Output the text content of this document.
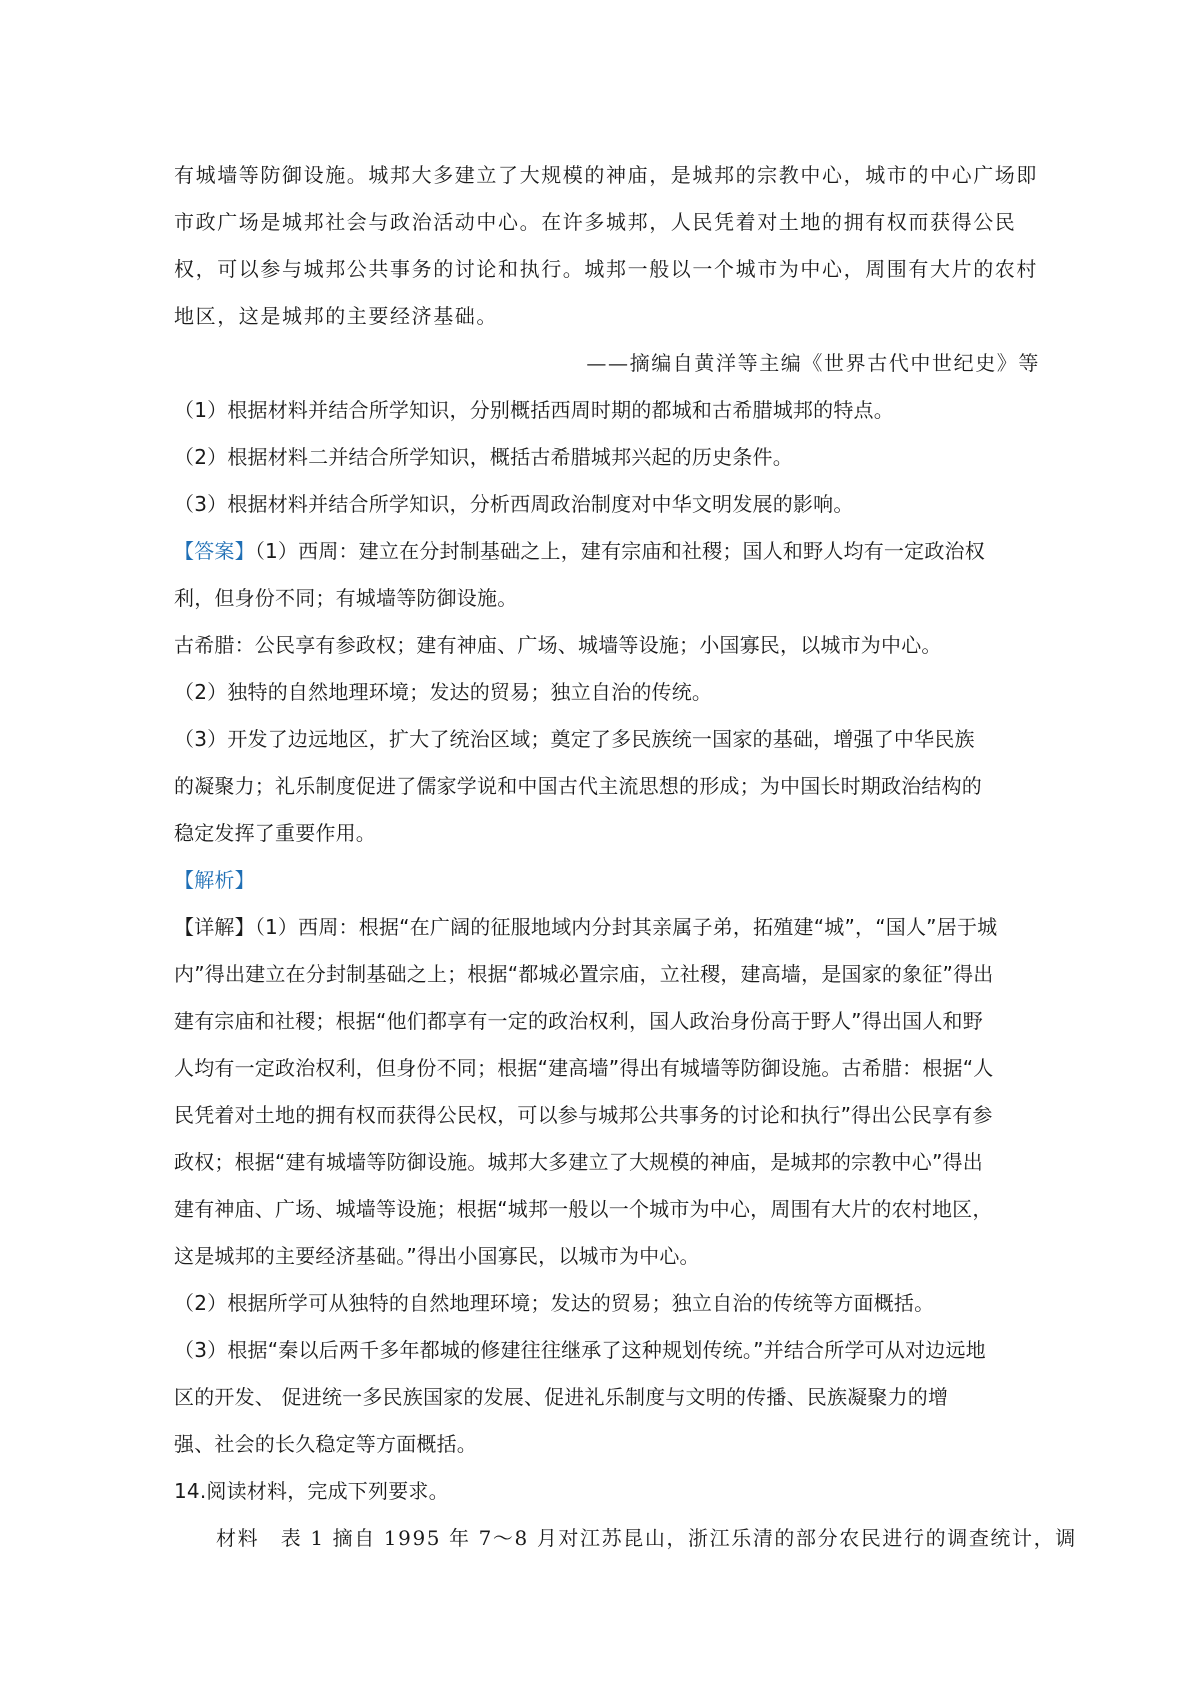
有城墙等防御设施。城邦大多建立了大规模的神庙，是城邦的宗教中心，城市的中心广场即
市政广场是城邦社会与政治活动中心。在许多城邦，人民凭着对土地的拥有权而获得公民
权，可以参与城邦公共事务的讨论和执行。城邦一般以一个城市为中心，周围有大片的农村
地区，这是城邦的主要经济基础。
——摘编自黄洋等主编《世界古代中世纪史》等
（1）根据材料并结合所学知识，分别概括西周时期的都城和古希腊城邦的特点。
（2）根据材料二并结合所学知识，概括古希腊城邦兴起的历史条件。
（3）根据材料并结合所学知识，分析西周政治制度对中华文明发展的影响。
【答案】（1）西周：建立在分封制基础之上，建有宗庙和社稷；国人和野人均有一定政治权
利，但身份不同；有城墙等防御设施。
古希腊：公民享有参政权；建有神庙、广场、城墙等设施；小国寡民，以城市为中心。
（2）独特的自然地理环境；发达的贸易；独立自治的传统。
（3）开发了边远地区，扩大了统治区域；奠定了多民族统一国家的基础，增强了中华民族
的凝聚力；礼乐制度促进了儒家学说和中国古代主流思想的形成；为中国长时期政治结构的
稳定发挥了重要作用。
【解析】
【详解】（1）西周：根据“在广阔的征服地域内分封其亲属子弟，拓殖建“城”，“国人”居于城
内”得出建立在分封制基础之上；根据“都城必置宗庙，立社稷，建高墙，是国家的象征”得出
建有宗庙和社稷；根据“他们都享有一定的政治权利，国人政治身份高于野人”得出国人和野
人均有一定政治权利，但身份不同；根据“建高墙”得出有城墙等防御设施。古希腊：根据“人
民凭着对土地的拥有权而获得公民权，可以参与城邦公共事务的讨论和执行”得出公民享有参
政权；根据“建有城墙等防御设施。城邦大多建立了大规模的神庙，是城邦的宗教中心”得出
建有神庙、广场、城墙等设施；根据“城邦一般以一个城市为中心，周围有大片的农村地区，
这是城邦的主要经济基础。”得出小国寡民，以城市为中心。
（2）根据所学可从独特的自然地理环境；发达的贸易；独立自治的传统等方面概括。
（3）根据“秦以后两千多年都城的修建往往继承了这种规划传统。”并结合所学可从对边远地
区的开发、 促进统一多民族国家的发展、促进礼乐制度与文明的传播、民族凝聚力的增
强、社会的长久稳定等方面概括。
14.阅读材料，完成下列要求。
材料　表 1 摘自 1995 年 7～8 月对江苏昆山，浙江乐清的部分农民进行的调查统计，调
